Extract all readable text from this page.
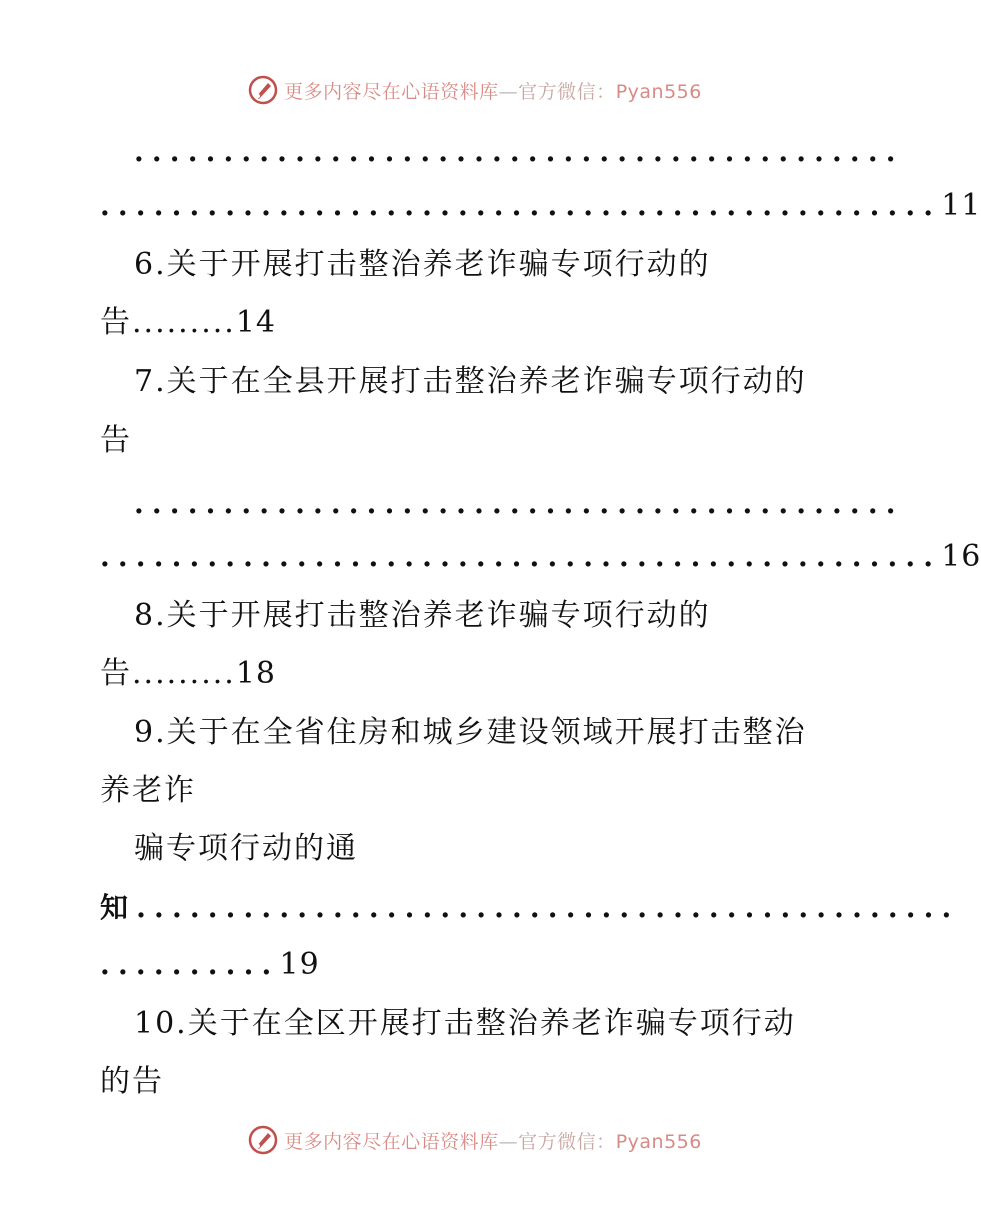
更多内容尽在心语资料库—官方微信：Pyan556
...........................................
...............................................11
6.关于开展打击整治养老诈骗专项行动的
告.........14
7.关于在全县开展打击整治养老诈骗专项行动的
告
...........................................
...............................................16
8.关于开展打击整治养老诈骗专项行动的
告.........18
9.关于在全省住房和城乡建设领域开展打击整治
养老诈
骗专项行动的通
知..............................................
..........19
10.关于在全区开展打击整治养老诈骗专项行动
的告
更多内容尽在心语资料库—官方微信：Pyan556
